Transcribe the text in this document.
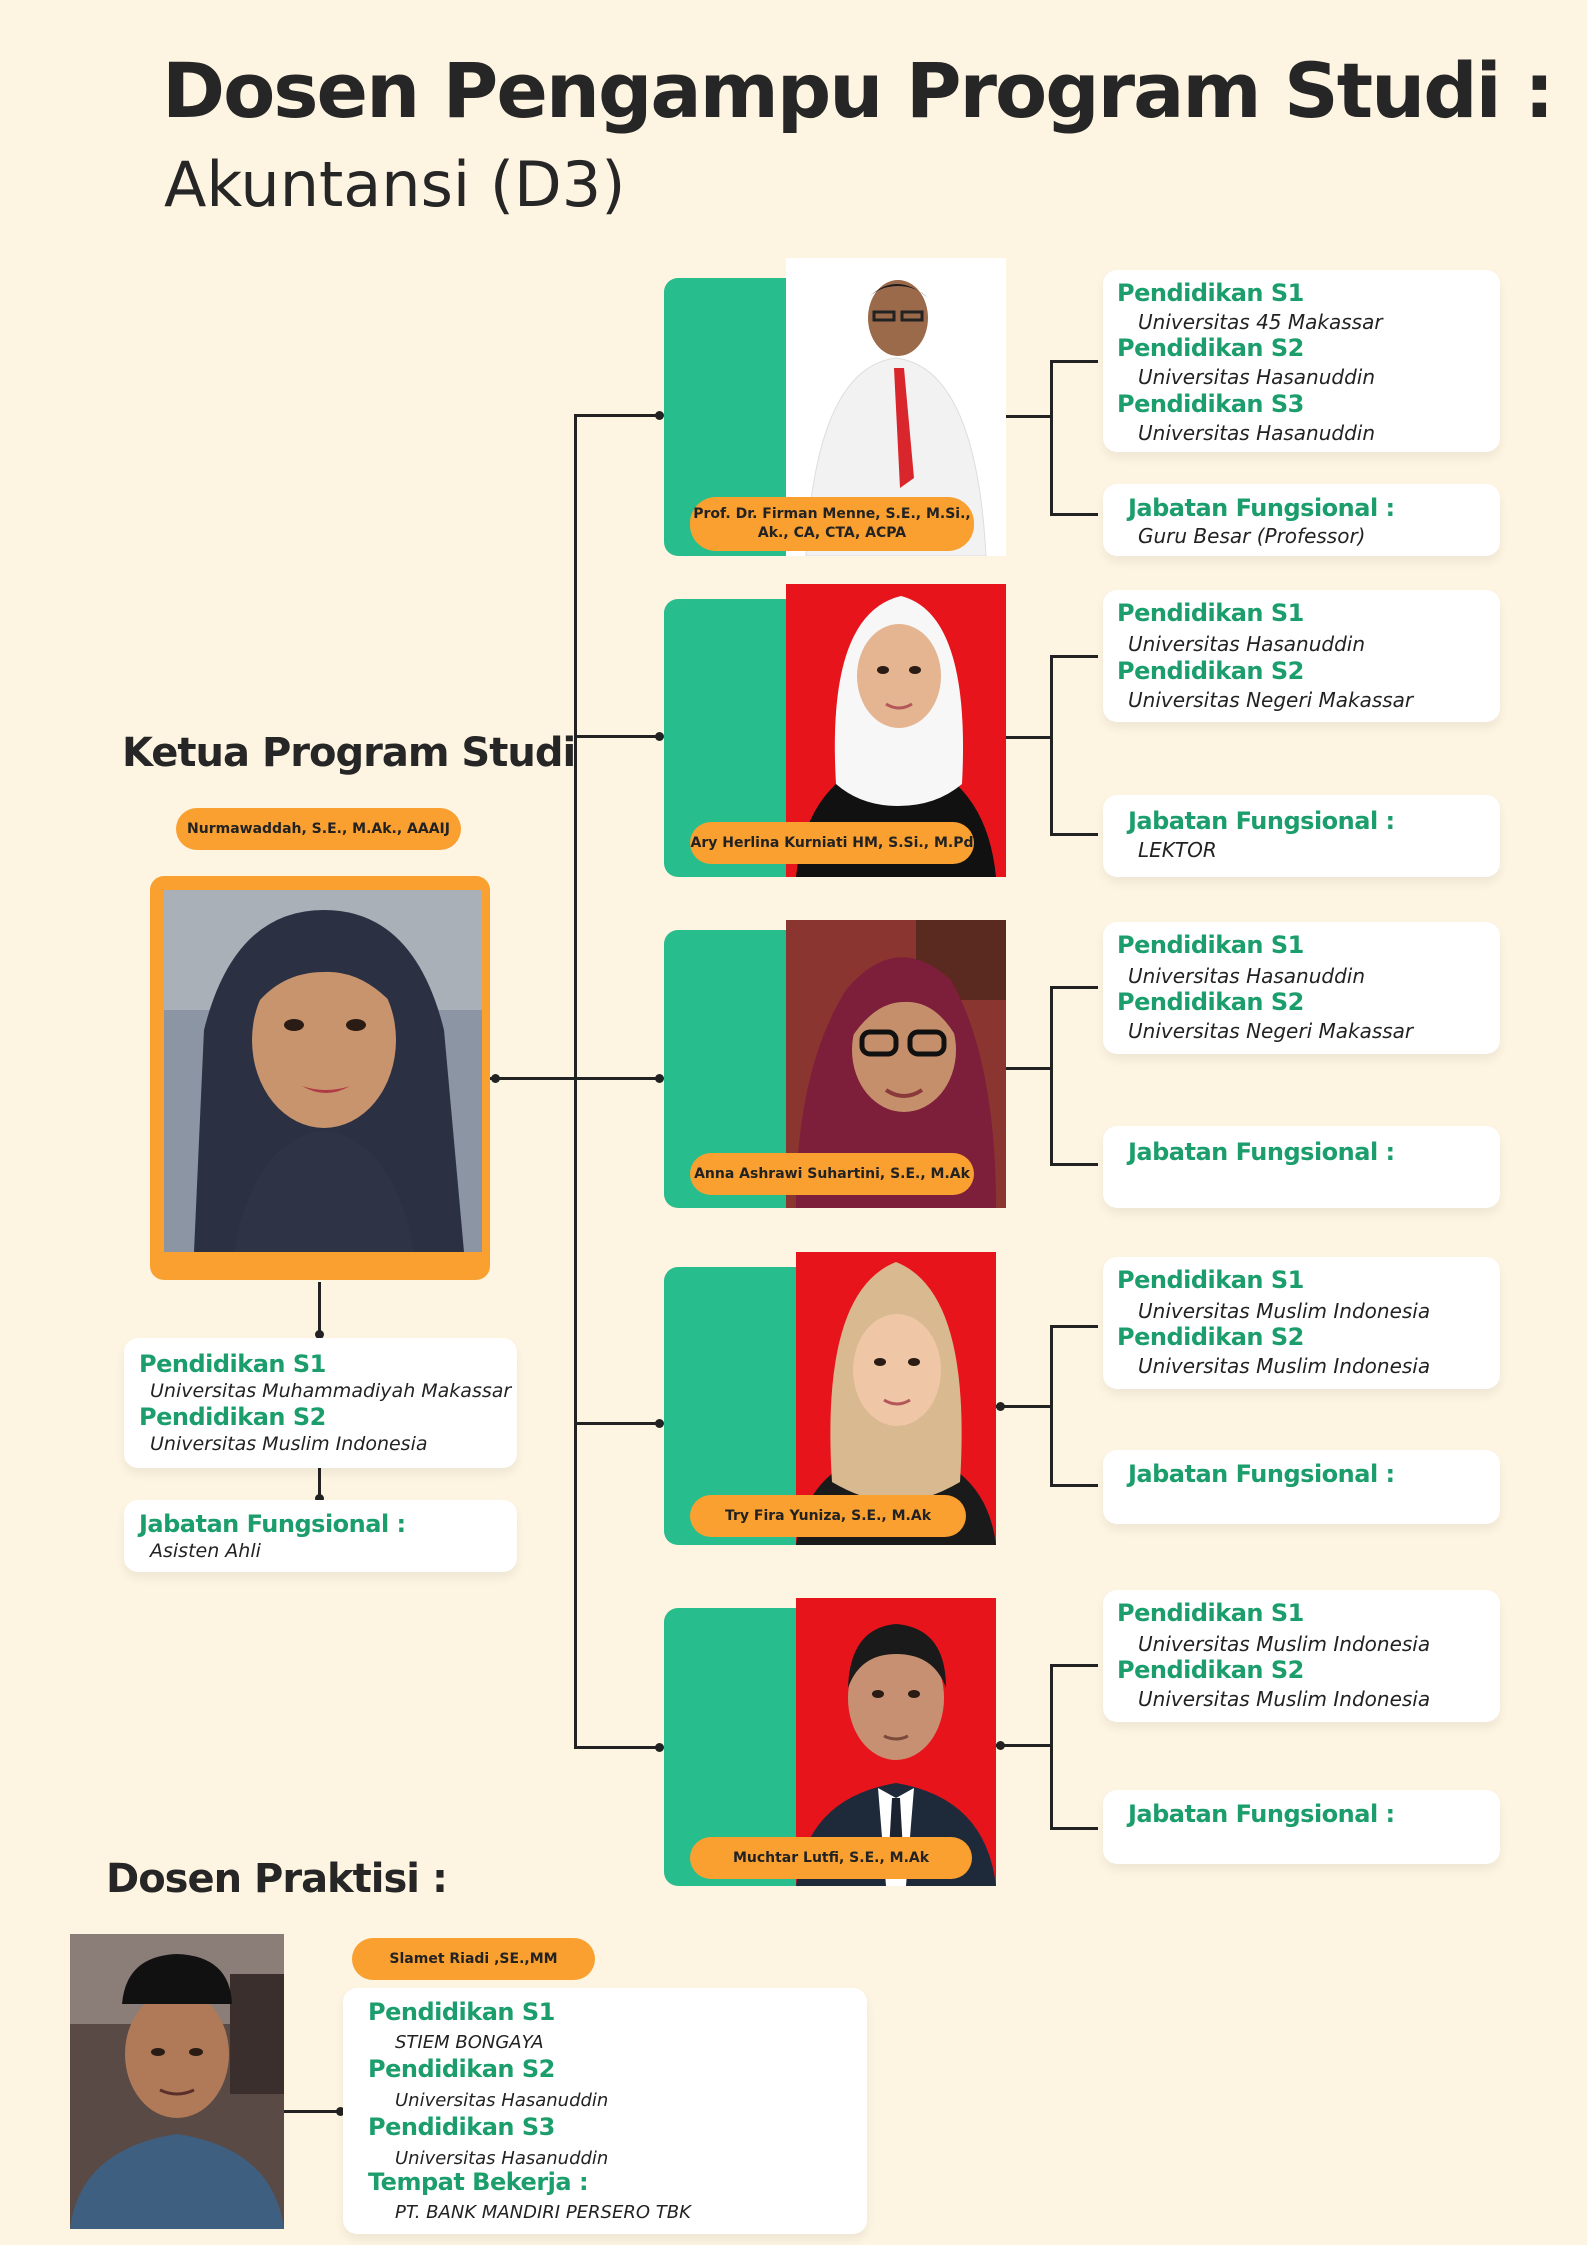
Dosen Pengampu Program Studi :
Akuntansi (D3)
Ketua Program Studi
Nurmawaddah, S.E., M.Ak., AAAIJ
Pendidikan S1
Universitas Muhammadiyah Makassar
Pendidikan S2
Universitas Muslim Indonesia
Jabatan Fungsional :
Asisten Ahli
Prof. Dr. Firman Menne, S.E., M.Si., Ak., CA, CTA, ACPA
Pendidikan S1
Universitas 45 Makassar
Pendidikan S2
Universitas Hasanuddin
Pendidikan S3
Universitas Hasanuddin
Jabatan Fungsional :
Guru Besar (Professor)
Ary Herlina Kurniati HM, S.Si., M.Pd
Pendidikan S1
Universitas Hasanuddin
Pendidikan S2
Universitas Negeri Makassar
Jabatan Fungsional :
LEKTOR
Anna Ashrawi Suhartini, S.E., M.Ak
Pendidikan S1
Universitas Hasanuddin
Pendidikan S2
Universitas Negeri Makassar
Jabatan Fungsional :
Try Fira Yuniza, S.E., M.Ak
Pendidikan S1
Universitas Muslim Indonesia
Pendidikan S2
Universitas Muslim Indonesia
Jabatan Fungsional :
Muchtar Lutfi, S.E., M.Ak
Pendidikan S1
Universitas Muslim Indonesia
Pendidikan S2
Universitas Muslim Indonesia
Jabatan Fungsional :
Dosen Praktisi :
Slamet Riadi ,SE.,MM
Pendidikan S1
STIEM BONGAYA
Pendidikan S2
Universitas Hasanuddin
Pendidikan S3
Universitas Hasanuddin
Tempat Bekerja :
PT. BANK MANDIRI PERSERO TBK
